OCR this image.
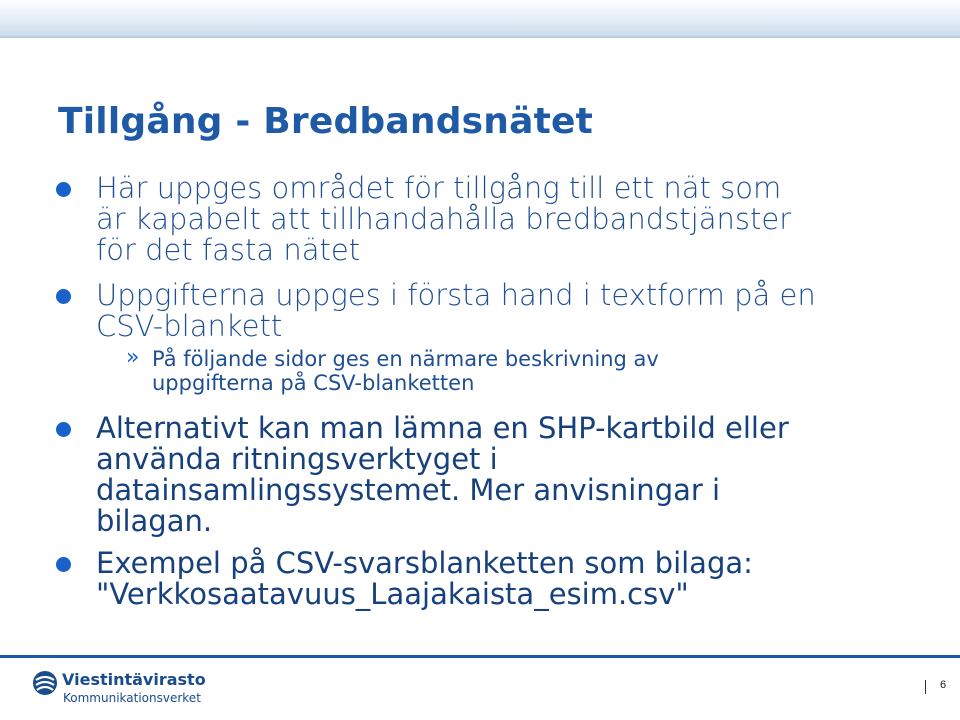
Tillgång - Bredbandsnätet
Här uppges området för tillgång till ett nät som
är kapabelt att tillhandahålla bredbandstjänster
för det fasta nätet
Uppgifterna uppges i första hand i textform på en
CSV-blankett
» På följande sidor ges en närmare beskrivning av
uppgifterna på CSV-blanketten
Alternativt kan man lämna en SHP-kartbild eller
använda ritningsverktyget i
datainsamlingssystemet. Mer anvisningar i
bilagan.
Exempel på CSV-svarsblanketten som bilaga:
"Verkkosaatavuus_Laajakaista_esim.csv"
Viestintävirasto
Kommunikationsverket
6
